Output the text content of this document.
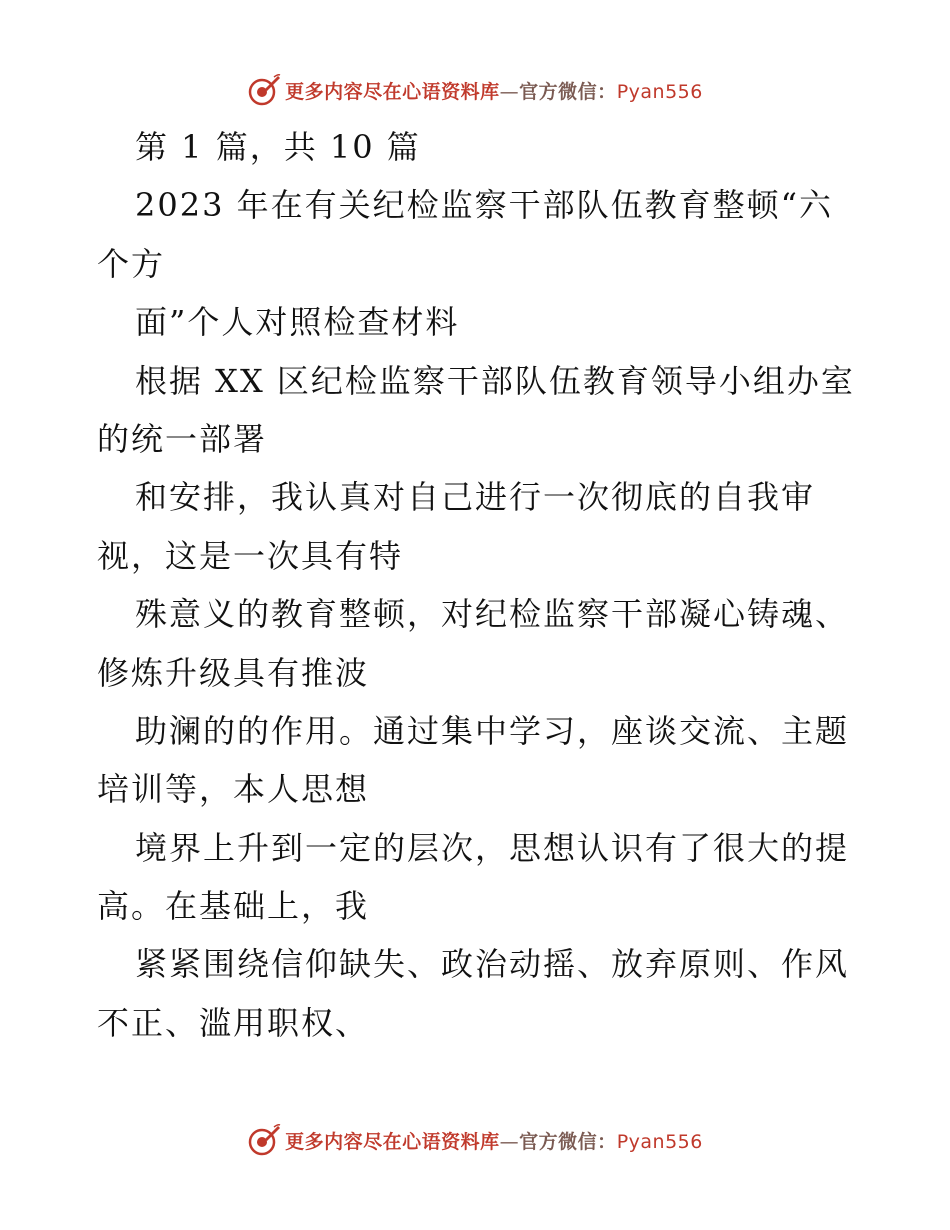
更多内容尽在心语资料库—官方微信：Pyan556
第 1 篇，共 10 篇
2023 年在有关纪检监察干部队伍教育整顿“六
个方
面”个人对照检查材料
根据 XX 区纪检监察干部队伍教育领导小组办室
的统一部署
和安排，我认真对自己进行一次彻底的自我审
视，这是一次具有特
殊意义的教育整顿，对纪检监察干部凝心铸魂、
修炼升级具有推波
助澜的的作用。通过集中学习，座谈交流、主题
培训等，本人思想
境界上升到一定的层次，思想认识有了很大的提
高。在基础上，我
紧紧围绕信仰缺失、政治动摇、放弃原则、作风
不正、滥用职权、
更多内容尽在心语资料库—官方微信：Pyan556
